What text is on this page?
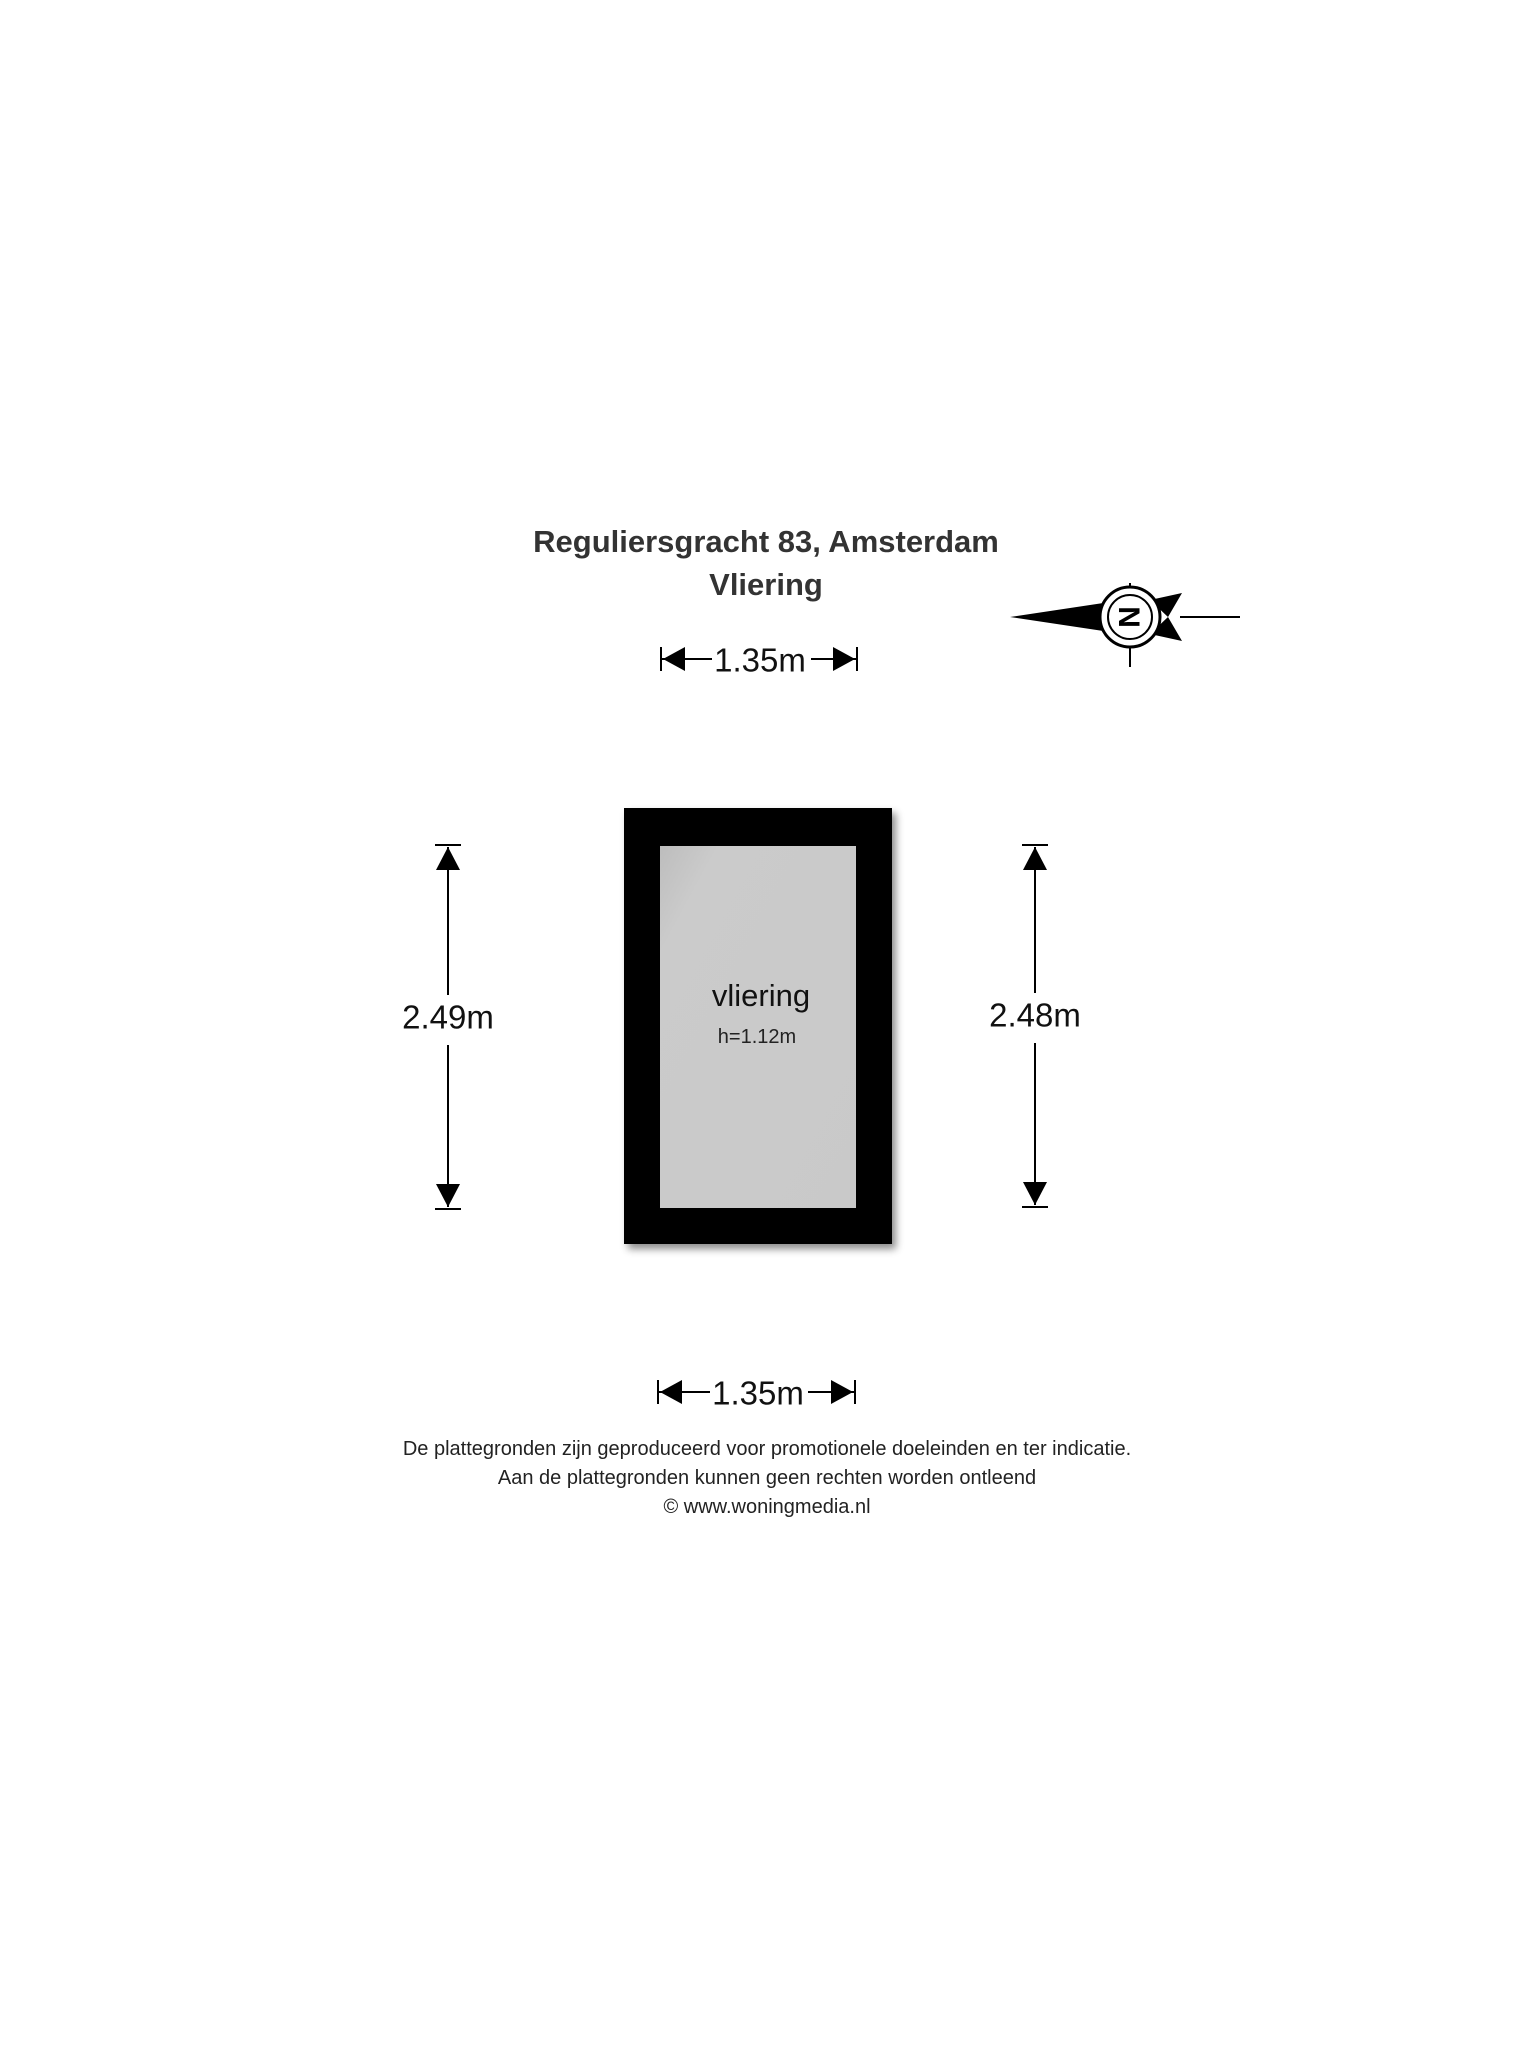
Reguliersgracht 83, Amsterdam
Vliering
N
1.35m
2.49m	2.48m
vliering
h=1.12m
1.35m
De plattegronden zijn geproduceerd voor promotionele doeleinden en ter indicatie.
Aan de plattegronden kunnen geen rechten worden ontleend
© www.woningmedia.nl
